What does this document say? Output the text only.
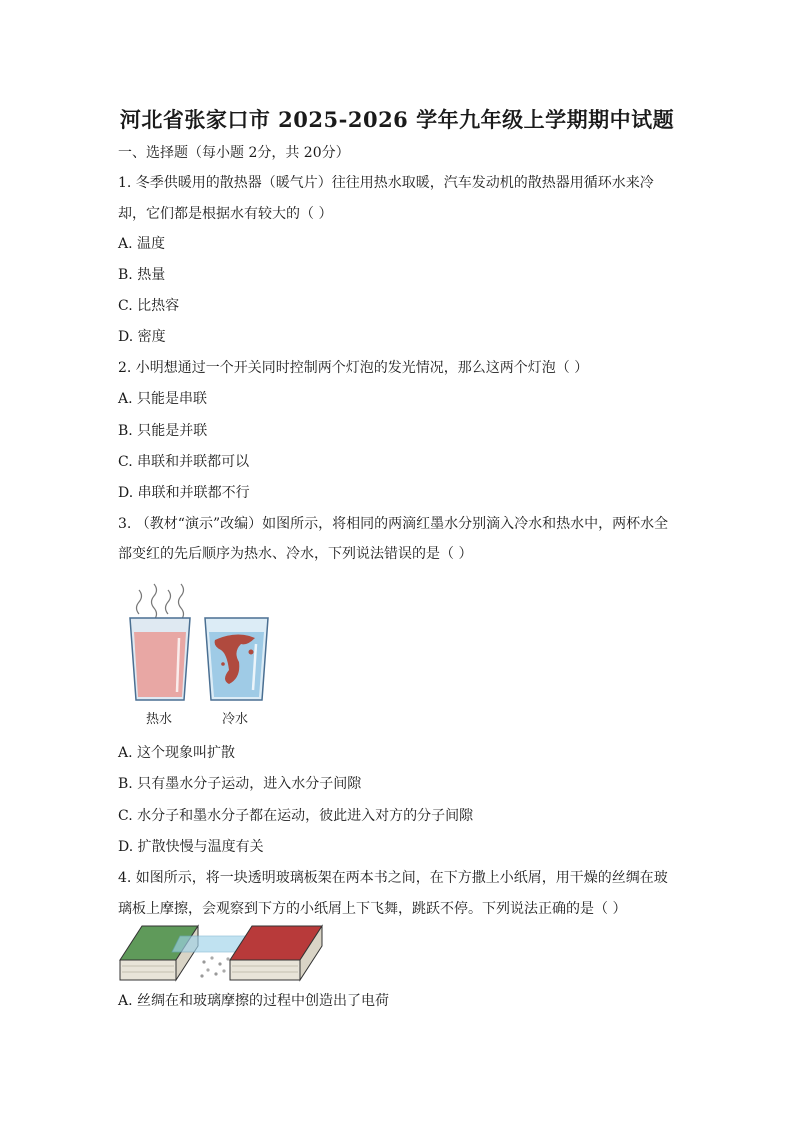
河北省张家口市 2025-2026 学年九年级上学期期中试题
一、选择题（每小题 2分，共 20分）
1. 冬季供暖用的散热器（暖气片）往往用热水取暖，汽车发动机的散热器用循环水来冷
却，它们都是根据水有较大的（ ）
A. 温度
B. 热量
C. 比热容
D. 密度
2. 小明想通过一个开关同时控制两个灯泡的发光情况，那么这两个灯泡（ ）
A. 只能是串联
B. 只能是并联
C. 串联和并联都可以
D. 串联和并联都不行
3. （教材“演示”改编）如图所示，将相同的两滴红墨水分别滴入冷水和热水中，两杯水全
部变红的先后顺序为热水、冷水，下列说法错误的是（ ）
热水	冷水
A. 这个现象叫扩散
B. 只有墨水分子运动，进入水分子间隙
C. 水分子和墨水分子都在运动，彼此进入对方的分子间隙
D. 扩散快慢与温度有关
4. 如图所示，将一块透明玻璃板架在两本书之间，在下方撒上小纸屑，用干燥的丝绸在玻
璃板上摩擦，会观察到下方的小纸屑上下飞舞，跳跃不停。下列说法正确的是（ ）
A. 丝绸在和玻璃摩擦的过程中创造出了电荷
